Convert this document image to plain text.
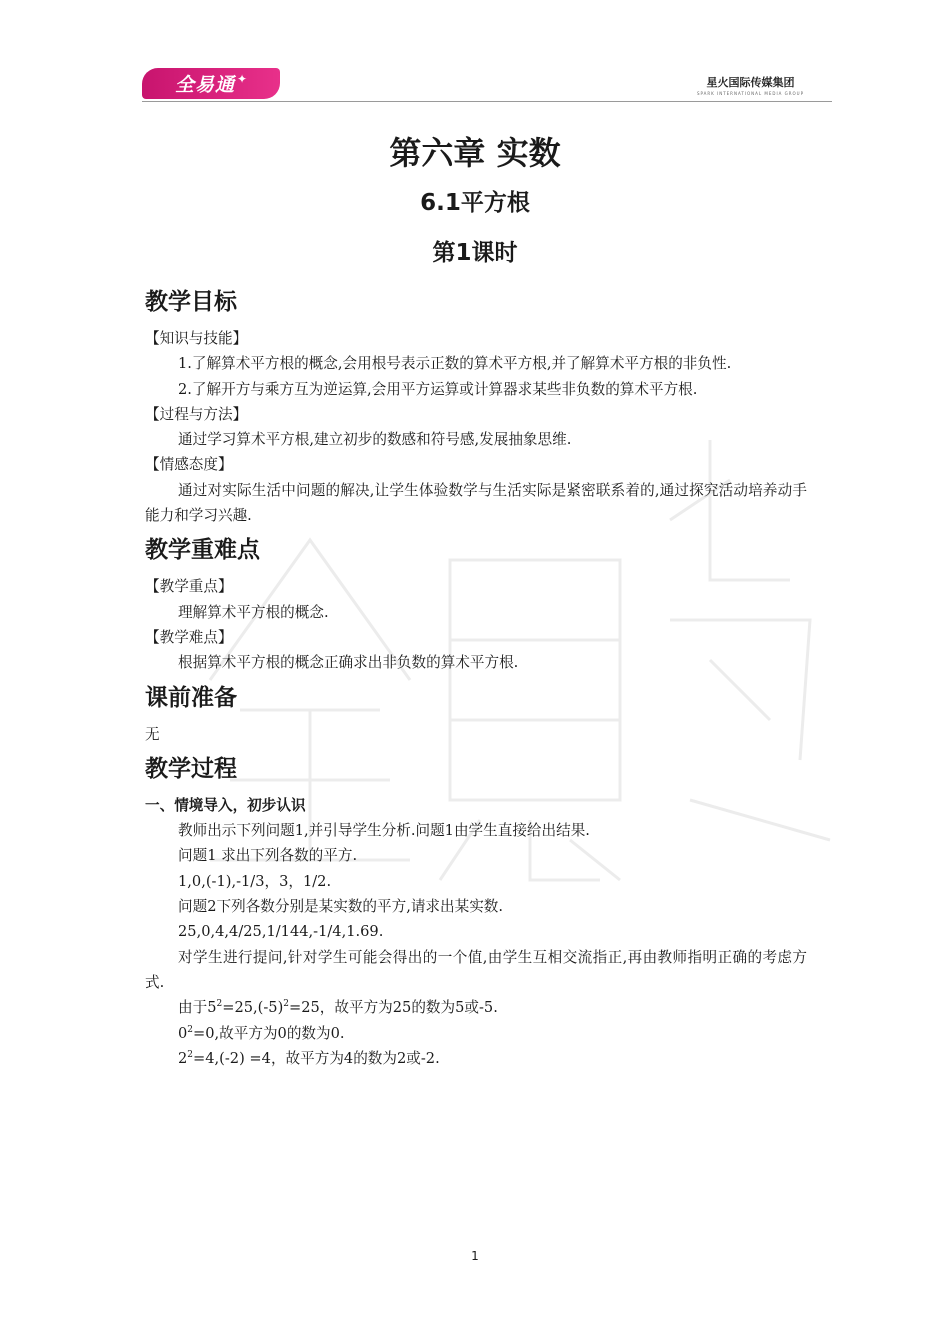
全易通 ✦	星火国际传媒集团
SPARK INTERNATIONAL MEDIA GROUP
第六章 实数
6.1平方根
第1课时
教学目标

【知识与技能】

1.了解算术平方根的概念,会用根号表示正数的算术平方根,并了解算术平方根的非负性.

2.了解开方与乘方互为逆运算,会用平方运算或计算器求某些非负数的算术平方根.

【过程与方法】

通过学习算术平方根,建立初步的数感和符号感,发展抽象思维.

【情感态度】

通过对实际生活中问题的解决,让学生体验数学与生活实际是紧密联系着的,通过探究活动培养动手能力和学习兴趣.

教学重难点

【教学重点】

理解算术平方根的概念.

【教学难点】

根据算术平方根的概念正确求出非负数的算术平方根.

课前准备

无

教学过程

一、情境导入，初步认识

教师出示下列问题1,并引导学生分析.问题1由学生直接给出结果.

问题1 求出下列各数的平方.

1,0,(-1),-1/3，3，1/2.

问题2下列各数分别是某实数的平方,请求出某实数.

25,0,4,4/25,1/144,-1/4,1.69.

对学生进行提问,针对学生可能会得出的一个值,由学生互相交流指正,再由教师指明正确的考虑方式.

由于$5^2=25,(-5)^2=25$，故平方为25的数为5或-5.

$0^2=0$,故平方为0的数为0.

$2^2=4,(-2) =4$，故平方为4的数为2或-2.

1
